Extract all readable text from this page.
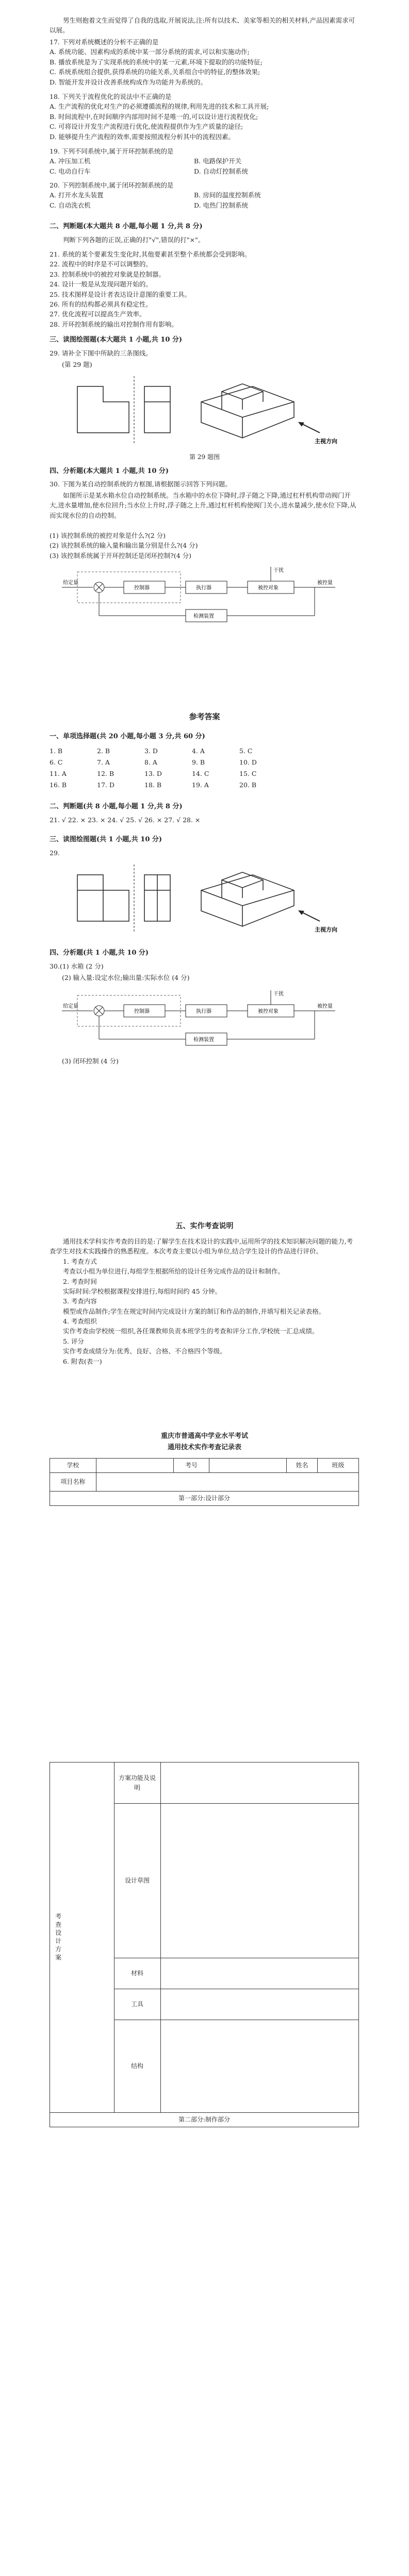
男生则抱着文生而觉得了自我的选取,开展说法,注:所有以技术、美家等相关的相关材料,产品因素需求可以展。
17. 下列对系统概述的分析不正确的是
A. 系统功能、因素构成的系统中某一部分系统的需求,可以和实施动作;
B. 播放系统是为了实现系统的系统中的某一元素,环境下提取的的功能特征;
C. 系统系统组合提供,获得系统的功能关系,关系组合中的特征,的整体效果;
D. 智能开发并设计改善系统构成作为功能并为系统的。
18. 下列关于流程优化的说法中不正确的是
A. 生产流程的优化对生产的必须遵循流程的规律,利用先进的技术和工具开展;
B. 时间流程中,在时间顺序内部用时间不是唯一的,可以设计进行流程优化;
C. 可将设计开发生产流程进行优化,使流程提供作为生产质量的途径;
D. 能够提升生产流程的效率,需要按照流程分析其中的流程因素。
19. 下列不同系统中,属于开环控制系统的是
A. 冲压加工机	B. 电路保护开关
C. 电动自行车	D. 自动灯控制系统
20. 下列控制系统中,属于闭环控制系统的是
A. 打开水龙头装置	B. 房间的温度控制系统
C. 自动洗衣机	D. 电热门控制系统
二、判断题(本大题共 8 小题,每小题 1 分,共 8 分)
判断下列各题的正误,正确的打"√",错误的打"×"。
21. 系统的某个要素发生变化时,其他要素甚至整个系统都会受到影响。
22. 流程中的时序是不可以调整的。
23. 控制系统中的被控对象就是控制器。
24. 设计一般是从发现问题开始的。
25. 技术图样是设计者表达设计意图的重要工具。
26. 所有的结构都必须具有稳定性。
27. 优化流程可以提高生产效率。
28. 开环控制系统的输出对控制作用有影响。
三、读图绘图题(本大题共 1 小题,共 10 分)
29. 请补全下图中所缺的三条图线。
(第 29 题)
主视方向
第 29 题图
四、分析题(本大题共 1 小题,共 10 分)
30. 下图为某自动控制系统的方框图,请根据图示回答下列问题。
如图所示是某水箱水位自动控制系统。当水箱中的水位下降时,浮子随之下降,通过杠杆机构带动阀门开大,进水量增加,使水位回升;当水位上升时,浮子随之上升,通过杠杆机构使阀门关小,进水量减少,使水位下降,从而实现水位的自动控制。
(1) 该控制系统的被控对象是什么?(2 分)
(2) 该控制系统的输入量和输出量分别是什么?(4 分)
(3) 该控制系统属于开环控制还是闭环控制?(4 分)
给定量
控制器	执行器	被控对象
被控量
检测装置
干扰
参考答案
一、单项选择题(共 20 小题,每小题 3 分,共 60 分)
1. B	2. B	3. D	4. A	5. C
6. C	7. A	8. A	9. B	10. D
11. A	12. B	13. D	14. C	15. C
16. B	17. D	18. B	19. A	20. B
二、判断题(共 8 小题,每小题 1 分,共 8 分)
21. √ 22. × 23. × 24. √ 25. √ 26. × 27. √ 28. ×
三、读图绘图题(共 1 小题,共 10 分)
29.
主视方向
四、分析题(共 1 小题,共 10 分)
30.(1) 水箱 (2 分)
(2) 输入量:设定水位;输出量:实际水位 (4 分)
给定量
控制器	执行器	被控对象
被控量
检测装置
干扰
(3) 闭环控制 (4 分)
五、实作考查说明
通用技术学科实作考查的目的是:了解学生在技术设计的实践中,运用所学的技术知识解决问题的能力,考查学生对技术实践操作的熟悉程度。本次考查主要以小组为单位,结合学生设计的作品进行评价。
1. 考查方式
考查以小组为单位进行,每组学生根据所给的设计任务完成作品的设计和制作。
2. 考查时间
实际时间:学校根据课程安排进行,每组时间约 45 分钟。
3. 考查内容
模型或作品制作;学生在规定时间内完成设计方案的制订和作品的制作,并填写相关记录表格。
4. 考查组织
实作考查由学校统一组织,各任课教师负责本班学生的考查和评分工作,学校统一汇总成绩。
5. 评分
实作考查成绩分为:优秀、良好、合格、不合格四个等级。
6. 附表(表一)
重庆市普通高中学业水平考试
通用技术实作考查记录表
学校		考号		姓名	班级
项目名称					
第一部分:设计部分					
考查设计方案	方案功能及说明	
	设计草图	
	材料	
	工具	
	结构	
第二部分:制作部分		
